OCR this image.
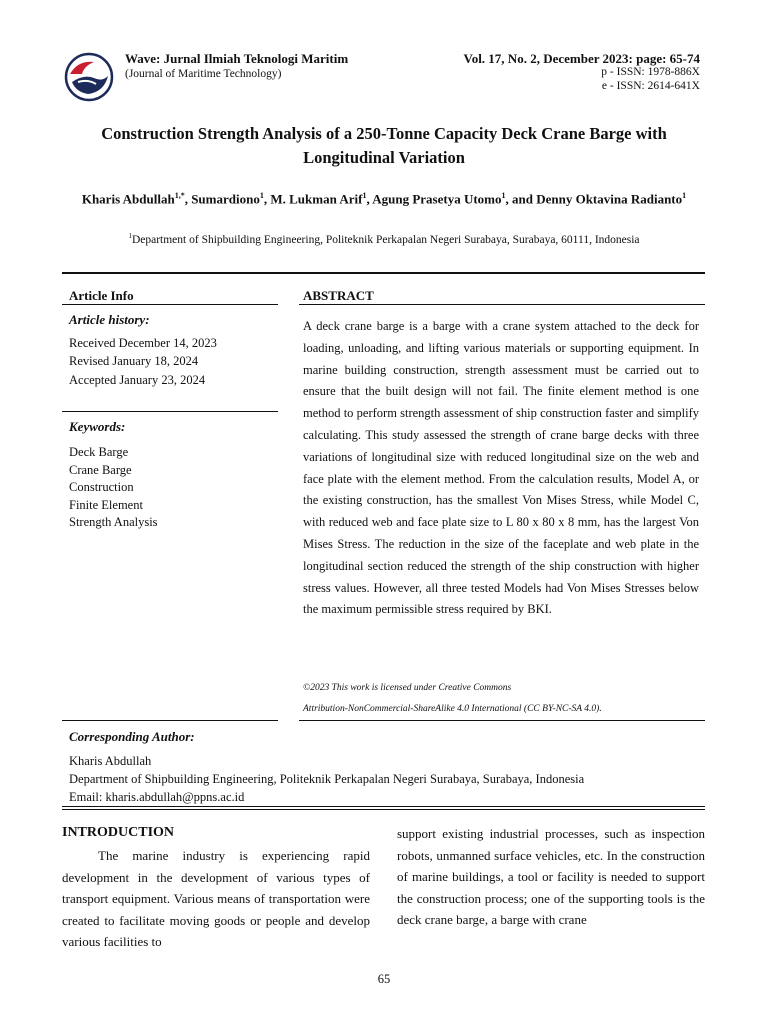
Wave: Jurnal Ilmiah Teknologi Maritim
(Journal of Maritime Technology)
Vol. 17, No. 2, December 2023: page: 65-74
p - ISSN: 1978-886X
e - ISSN: 2614-641X
Construction Strength Analysis of a 250-Tonne Capacity Deck Crane Barge with Longitudinal Variation
Kharis Abdullah$^{1,*}$, Sumardiono$^1$, M. Lukman Arif$^1$, Agung Prasetya Utomo$^1$, and Denny Oktavina Radianto$^1$
$^1$Department of Shipbuilding Engineering, Politeknik Perkapalan Negeri Surabaya, Surabaya, 60111, Indonesia
Article Info
Article history:
Received December 14, 2023
Revised January 18, 2024
Accepted January 23, 2024
Keywords:
Deck Barge
Crane Barge
Construction
Finite Element
Strength Analysis
ABSTRACT
A deck crane barge is a barge with a crane system attached to the deck for loading, unloading, and lifting various materials or supporting equipment. In marine building construction, strength assessment must be carried out to ensure that the built design will not fail. The finite element method is one method to perform strength assessment of ship construction faster and simplify calculating. This study assessed the strength of crane barge decks with three variations of longitudinal size with reduced longitudinal size on the web and face plate with the element method. From the calculation results, Model A, or the existing construction, has the smallest Von Mises Stress, while Model C, with reduced web and face plate size to L 80 x 80 x 8 mm, has the largest Von Mises Stress. The reduction in the size of the faceplate and web plate in the longitudinal section reduced the strength of the ship construction with higher stress values. However, all three tested Models had Von Mises Stresses below the maximum permissible stress required by BKI.
©2023 This work is licensed under Creative Commons
Attribution-NonCommercial-ShareAlike 4.0 International (CC BY-NC-SA 4.0).
Corresponding Author:
Kharis Abdullah
Department of Shipbuilding Engineering, Politeknik Perkapalan Negeri Surabaya, Surabaya, Indonesia
Email: kharis.abdullah@ppns.ac.id
INTRODUCTION
The marine industry is experiencing rapid development in the development of various types of transport equipment. Various means of transportation were created to facilitate moving goods or people and develop various facilities to
support existing industrial processes, such as inspection robots, unmanned surface vehicles, etc. In the construction of marine buildings, a tool or facility is needed to support the construction process; one of the supporting tools is the deck crane barge, a barge with crane
65
